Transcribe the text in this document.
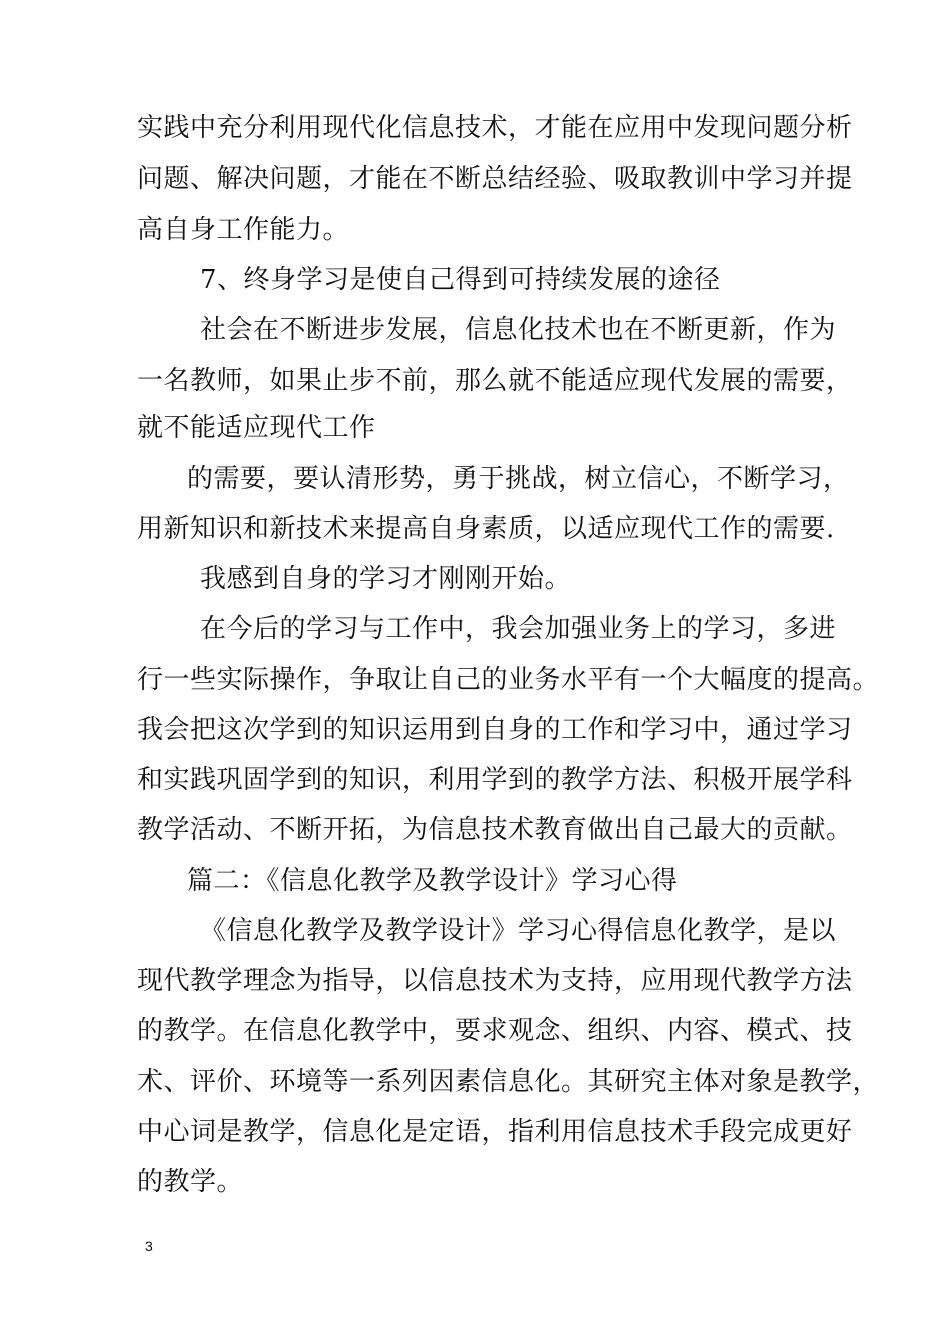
实践中充分利用现代化信息技术，才能在应用中发现问题分析
问题、解决问题，才能在不断总结经验、吸取教训中学习并提
高自身工作能力。
7、终身学习是使自己得到可持续发展的途径
社会在不断进步发展，信息化技术也在不断更新，作为
一名教师，如果止步不前，那么就不能适应现代发展的需要，
就不能适应现代工作
的需要，要认清形势，勇于挑战，树立信心，不断学习，
用新知识和新技术来提高自身素质，以适应现代工作的需要.
我感到自身的学习才刚刚开始。
在今后的学习与工作中，我会加强业务上的学习，多进
行一些实际操作，争取让自己的业务水平有一个大幅度的提高。
我会把这次学到的知识运用到自身的工作和学习中，通过学习
和实践巩固学到的知识，利用学到的教学方法、积极开展学科
教学活动、不断开拓，为信息技术教育做出自己最大的贡献。
篇二：《信息化教学及教学设计》学习心得
《信息化教学及教学设计》学习心得信息化教学，是以
现代教学理念为指导，以信息技术为支持，应用现代教学方法
的教学。在信息化教学中，要求观念、组织、内容、模式、技
术、评价、环境等一系列因素信息化。其研究主体对象是教学，
中心词是教学，信息化是定语，指利用信息技术手段完成更好
的教学。
3
